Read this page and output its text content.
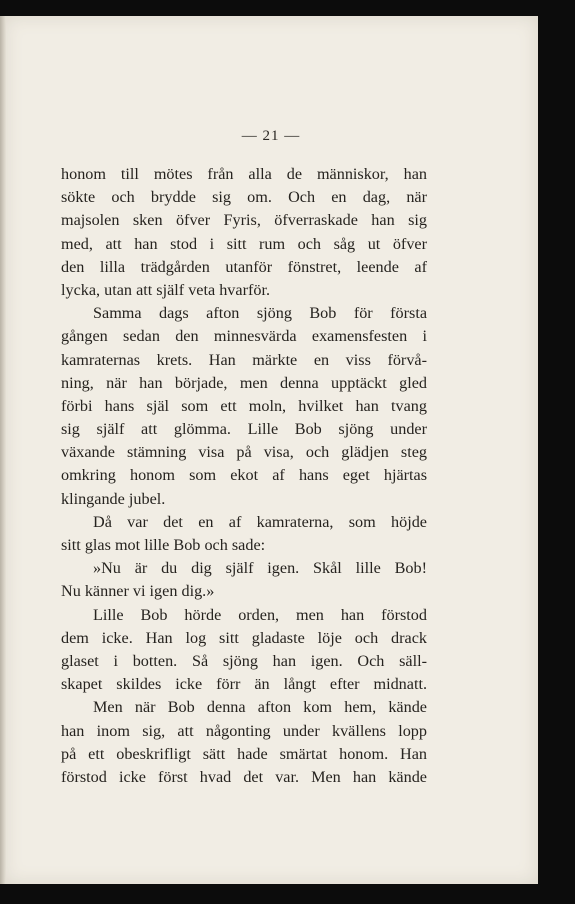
— 21 —
honom till mötes från alla de människor, han
sökte och brydde sig om. Och en dag, när
majsolen sken öfver Fyris, öfverraskade han sig
med, att han stod i sitt rum och såg ut öfver
den lilla trädgården utanför fönstret, leende af
lycka, utan att själf veta hvarför.
Samma dags afton sjöng Bob för första
gången sedan den minnesvärda examensfesten i
kamraternas krets. Han märkte en viss förvå-
ning, när han började, men denna upptäckt gled
förbi hans själ som ett moln, hvilket han tvang
sig själf att glömma. Lille Bob sjöng under
växande stämning visa på visa, och glädjen steg
omkring honom som ekot af hans eget hjärtas
klingande jubel.
Då var det en af kamraterna, som höjde
sitt glas mot lille Bob och sade:
»Nu är du dig själf igen. Skål lille Bob!
Nu känner vi igen dig.»
Lille Bob hörde orden, men han förstod
dem icke. Han log sitt gladaste löje och drack
glaset i botten. Så sjöng han igen. Och säll-
skapet skildes icke förr än långt efter midnatt.
Men när Bob denna afton kom hem, kände
han inom sig, att någonting under kvällens lopp
på ett obeskrifligt sätt hade smärtat honom. Han
förstod icke först hvad det var. Men han kände
